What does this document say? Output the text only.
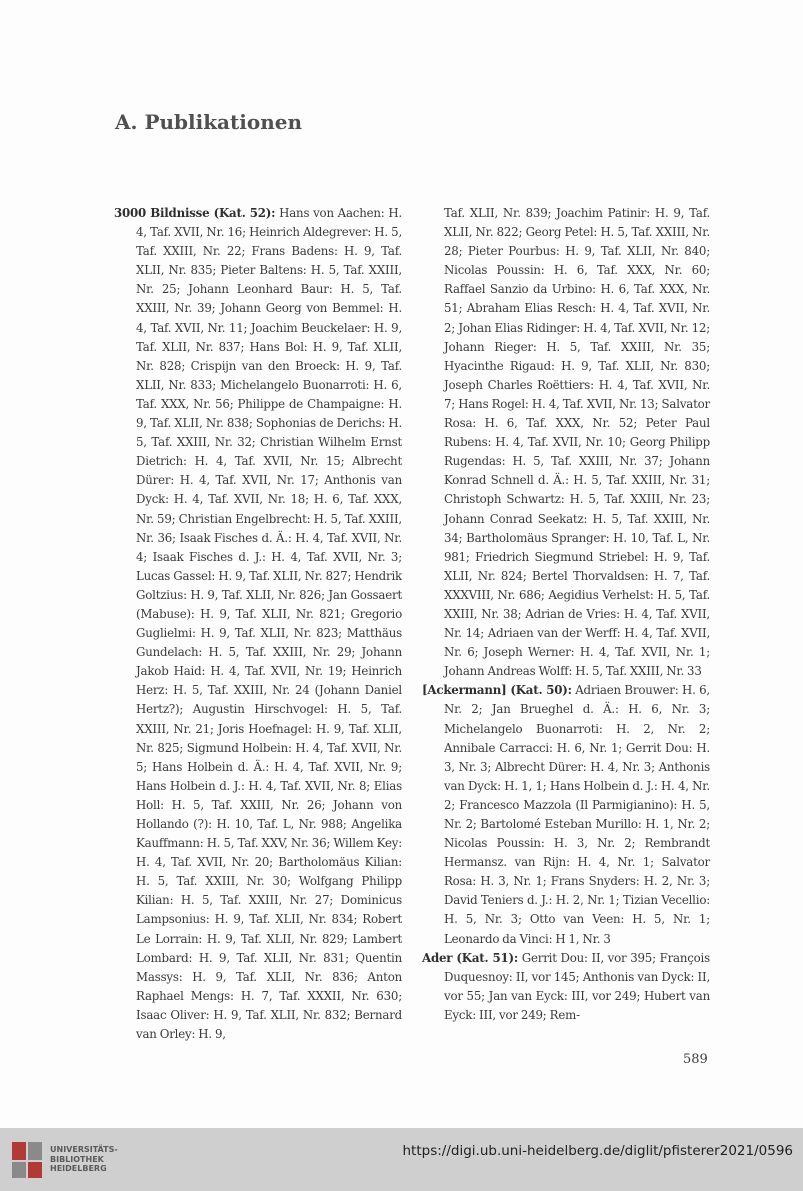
A. Publikationen

3000 Bildnisse (Kat. 52): Hans von Aachen: H. 4, Taf. XVII, Nr. 16; Heinrich Aldegrever: H. 5, Taf. XXIII, Nr. 22; Frans Badens: H. 9, Taf. XLII, Nr. 835; Pieter Baltens: H. 5, Taf. XXIII, Nr. 25; Johann Leonhard Baur: H. 5, Taf. XXIII, Nr. 39; Johann Georg von Bemmel: H. 4, Taf. XVII, Nr. 11; Joachim Beuckelaer: H. 9, Taf. XLII, Nr. 837; Hans Bol: H. 9, Taf. XLII, Nr. 828; Crispijn van den Broeck: H. 9, Taf. XLII, Nr. 833; Michelangelo Buonarroti: H. 6, Taf. XXX, Nr. 56; Philippe de Champaigne: H. 9, Taf. XLII, Nr. 838; Sophonias de Derichs: H. 5, Taf. XXIII, Nr. 32; Christian Wilhelm Ernst Dietrich: H. 4, Taf. XVII, Nr. 15; Albrecht Dürer: H. 4, Taf. XVII, Nr. 17; Anthonis van Dyck: H. 4, Taf. XVII, Nr. 18; H. 6, Taf. XXX, Nr. 59; Christian Engelbrecht: H. 5, Taf. XXIII, Nr. 36; Isaak Fisches d. Ä.: H. 4, Taf. XVII, Nr. 4; Isaak Fisches d. J.: H. 4, Taf. XVII, Nr. 3; Lucas Gassel: H. 9, Taf. XLII, Nr. 827; Hendrik Goltzius: H. 9, Taf. XLII, Nr. 826; Jan Gossaert (Mabuse): H. 9, Taf. XLII, Nr. 821; Gregorio Guglielmi: H. 9, Taf. XLII, Nr. 823; Matthäus Gundelach: H. 5, Taf. XXIII, Nr. 29; Johann Jakob Haid: H. 4, Taf. XVII, Nr. 19; Heinrich Herz: H. 5, Taf. XXIII, Nr. 24 (Johann Daniel Hertz?); Augustin Hirschvogel: H. 5, Taf. XXIII, Nr. 21; Joris Hoefnagel: H. 9, Taf. XLII, Nr. 825; Sigmund Holbein: H. 4, Taf. XVII, Nr. 5; Hans Holbein d. Ä.: H. 4, Taf. XVII, Nr. 9; Hans Holbein d. J.: H. 4, Taf. XVII, Nr. 8; Elias Holl: H. 5, Taf. XXIII, Nr. 26; Johann von Hollando (?): H. 10, Taf. L, Nr. 988; Angelika Kauffmann: H. 5, Taf. XXV, Nr. 36; Willem Key: H. 4, Taf. XVII, Nr. 20; Bartholomäus Kilian: H. 5, Taf. XXIII, Nr. 30; Wolfgang Philipp Kilian: H. 5, Taf. XXIII, Nr. 27; Dominicus Lampsonius: H. 9, Taf. XLII, Nr. 834; Robert Le Lorrain: H. 9, Taf. XLII, Nr. 829; Lambert Lombard: H. 9, Taf. XLII, Nr. 831; Quentin Massys: H. 9, Taf. XLII, Nr. 836; Anton Raphael Mengs: H. 7, Taf. XXXII, Nr. 630; Isaac Oliver: H. 9, Taf. XLII, Nr. 832; Bernard van Orley: H. 9,

Taf. XLII, Nr. 839; Joachim Patinir: H. 9, Taf. XLII, Nr. 822; Georg Petel: H. 5, Taf. XXIII, Nr. 28; Pieter Pourbus: H. 9, Taf. XLII, Nr. 840; Nicolas Poussin: H. 6, Taf. XXX, Nr. 60; Raffael Sanzio da Urbino: H. 6, Taf. XXX, Nr. 51; Abraham Elias Resch: H. 4, Taf. XVII, Nr. 2; Johan Elias Ridinger: H. 4, Taf. XVII, Nr. 12; Johann Rieger: H. 5, Taf. XXIII, Nr. 35; Hyacinthe Rigaud: H. 9, Taf. XLII, Nr. 830; Joseph Charles Roëttiers: H. 4, Taf. XVII, Nr. 7; Hans Rogel: H. 4, Taf. XVII, Nr. 13; Salvator Rosa: H. 6, Taf. XXX, Nr. 52; Peter Paul Rubens: H. 4, Taf. XVII, Nr. 10; Georg Philipp Rugendas: H. 5, Taf. XXIII, Nr. 37; Johann Konrad Schnell d. Ä.: H. 5, Taf. XXIII, Nr. 31; Christoph Schwartz: H. 5, Taf. XXIII, Nr. 23; Johann Conrad Seekatz: H. 5, Taf. XXIII, Nr. 34; Bartholomäus Spranger: H. 10, Taf. L, Nr. 981; Friedrich Siegmund Striebel: H. 9, Taf. XLII, Nr. 824; Bertel Thorvaldsen: H. 7, Taf. XXXVIII, Nr. 686; Aegidius Verhelst: H. 5, Taf. XXIII, Nr. 38; Adrian de Vries: H. 4, Taf. XVII, Nr. 14; Adriaen van der Werff: H. 4, Taf. XVII, Nr. 6; Joseph Werner: H. 4, Taf. XVII, Nr. 1; Johann Andreas Wolff: H. 5, Taf. XXIII, Nr. 33

[Ackermann] (Kat. 50): Adriaen Brouwer: H. 6, Nr. 2; Jan Brueghel d. Ä.: H. 6, Nr. 3; Michelangelo Buonarroti: H. 2, Nr. 2; Annibale Carracci: H. 6, Nr. 1; Gerrit Dou: H. 3, Nr. 3; Albrecht Dürer: H. 4, Nr. 3; Anthonis van Dyck: H. 1, 1; Hans Holbein d. J.: H. 4, Nr. 2; Francesco Mazzola (Il Parmigianino): H. 5, Nr. 2; Bartolomé Esteban Murillo: H. 1, Nr. 2; Nicolas Poussin: H. 3, Nr. 2; Rembrandt Hermansz. van Rijn: H. 4, Nr. 1; Salvator Rosa: H. 3, Nr. 1; Frans Snyders: H. 2, Nr. 3; David Teniers d. J.: H. 2, Nr. 1; Tizian Vecellio: H. 5, Nr. 3; Otto van Veen: H. 5, Nr. 1; Leonardo da Vinci: H 1, Nr. 3

Ader (Kat. 51): Gerrit Dou: II, vor 395; François Duquesnoy: II, vor 145; Anthonis van Dyck: II, vor 55; Jan van Eyck: III, vor 249; Hubert van Eyck: III, vor 249; Rem-

589
UNIVERSITÄTS-
BIBLIOTHEK
HEIDELBERG
https://digi.ub.uni-heidelberg.de/diglit/pfisterer2021/0596
